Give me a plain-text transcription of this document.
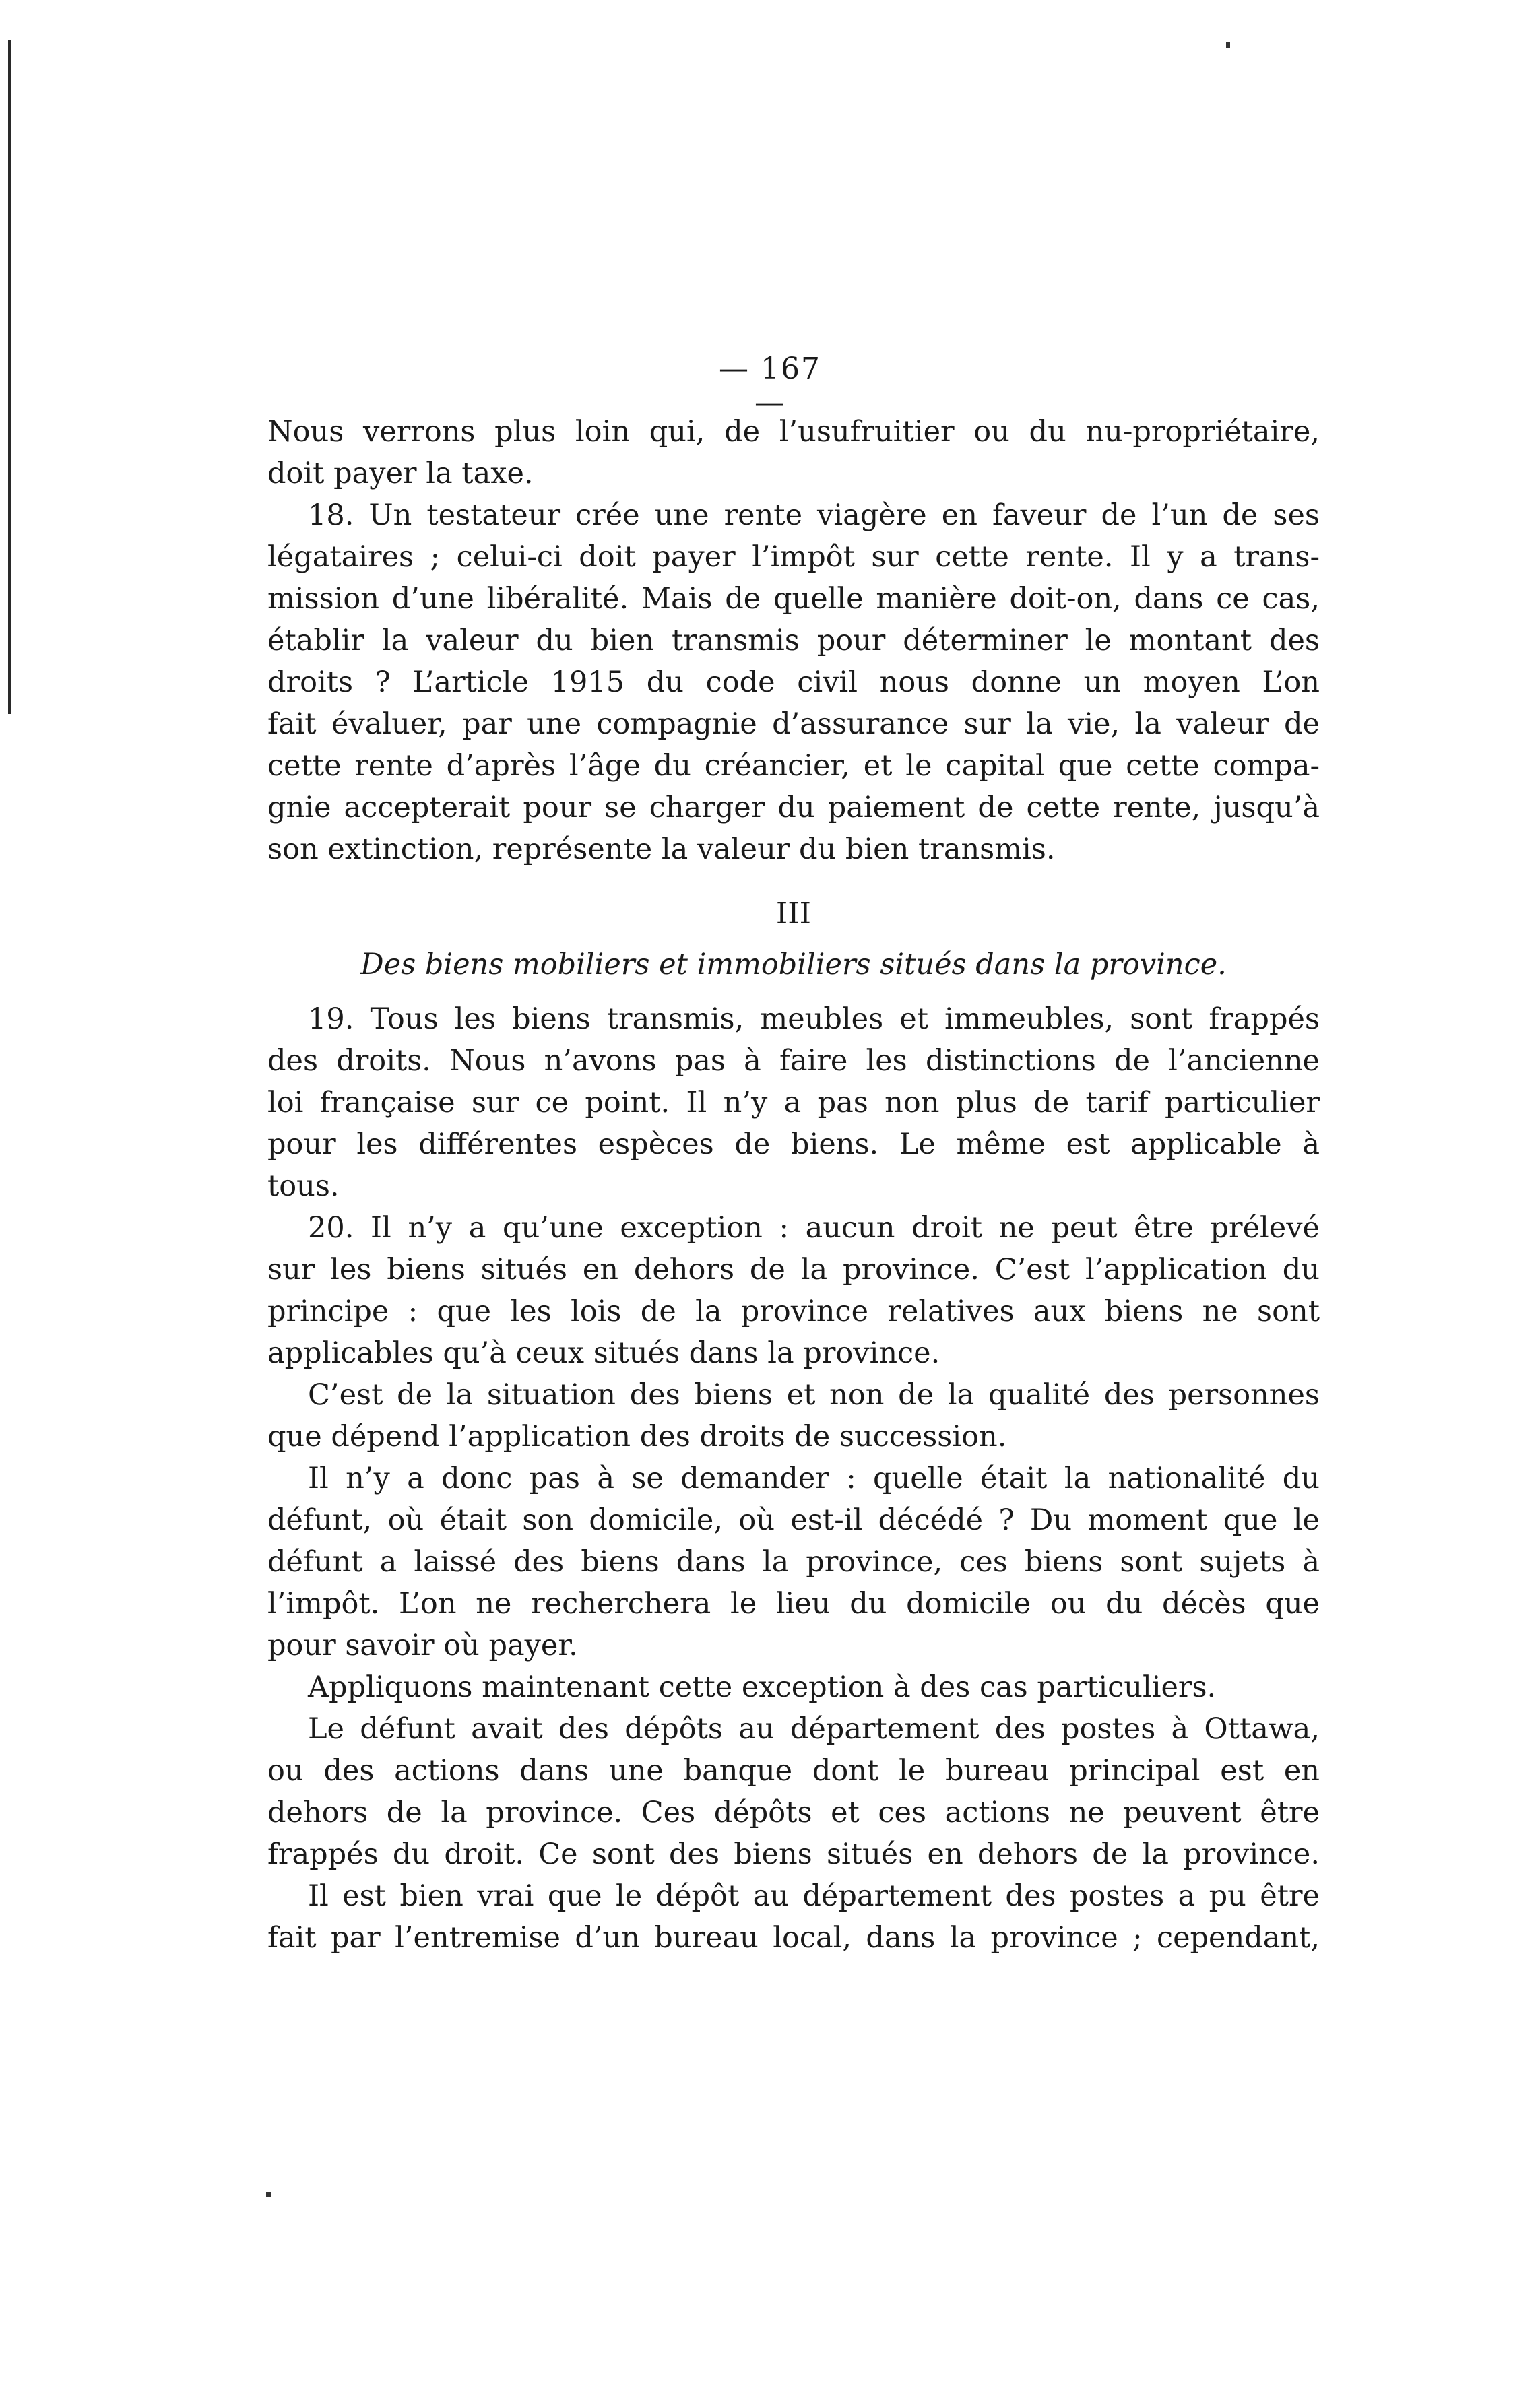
— 167 —
Nous verrons plus loin qui, de l’usufruitier ou du nu-propriétaire,
doit payer la taxe.
18. Un testateur crée une rente viagère en faveur de l’un de ses
légataires ; celui-ci doit payer l’impôt sur cette rente. Il y a trans-
mission d’une libéralité. Mais de quelle manière doit-on, dans ce cas,
établir la valeur du bien transmis pour déterminer le montant des
droits ? L’article 1915 du code civil nous donne un moyen L’on
fait évaluer, par une compagnie d’assurance sur la vie, la valeur de
cette rente d’après l’âge du créancier, et le capital que cette compa-
gnie accepterait pour se charger du paiement de cette rente, jusqu’à
son extinction, représente la valeur du bien transmis.
III
Des biens mobiliers et immobiliers situés dans la province.
19. Tous les biens transmis, meubles et immeubles, sont frappés
des droits. Nous n’avons pas à faire les distinctions de l’ancienne
loi française sur ce point. Il n’y a pas non plus de tarif particulier
pour les différentes espèces de biens. Le même est applicable à
tous.
20. Il n’y a qu’une exception : aucun droit ne peut être prélevé
sur les biens situés en dehors de la province. C’est l’application du
principe : que les lois de la province relatives aux biens ne sont
applicables qu’à ceux situés dans la province.
C’est de la situation des biens et non de la qualité des personnes
que dépend l’application des droits de succession.
Il n’y a donc pas à se demander : quelle était la nationalité du
défunt, où était son domicile, où est-il décédé ? Du moment que le
défunt a laissé des biens dans la province, ces biens sont sujets à
l’impôt. L’on ne recherchera le lieu du domicile ou du décès que
pour savoir où payer.
Appliquons maintenant cette exception à des cas particuliers.
Le défunt avait des dépôts au département des postes à Ottawa,
ou des actions dans une banque dont le bureau principal est en
dehors de la province. Ces dépôts et ces actions ne peuvent être
frappés du droit. Ce sont des biens situés en dehors de la province.
Il est bien vrai que le dépôt au département des postes a pu être
fait par l’entremise d’un bureau local, dans la province ; cependant,
